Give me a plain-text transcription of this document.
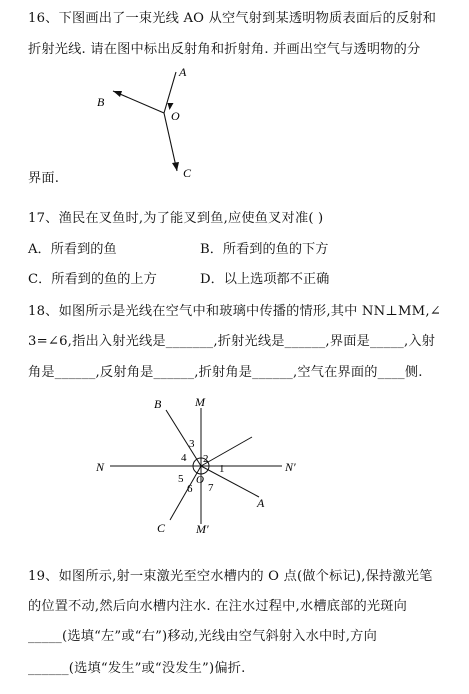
16、下图画出了一束光线 AO 从空气射到某透明物质表面后的反射和
折射光线. 请在图中标出反射角和折射角. 并画出空气与透明物的分
A
B
O
C
B	M
N	N′
A
C	M′
O
1
2
3
4
5
6 7
界面.
17、渔民在叉鱼时,为了能叉到鱼,应使鱼叉对准( )
A．所看到的鱼	B．所看到的鱼的下方
C．所看到的鱼的上方	D．以上选项都不正确
18、如图所示是光线在空气中和玻璃中传播的情形,其中 NN⊥MM,∠
3=∠6,指出入射光线是_______,折射光线是______,界面是_____,入射
角是______,反射角是______,折射角是______,空气在界面的____侧.
19、如图所示,射一束激光至空水槽内的 O 点(做个标记),保持激光笔
的位置不动,然后向水槽内注水. 在注水过程中,水槽底部的光斑向
_____(选填“左”或“右”)移动,光线由空气斜射入水中时,方向
______(选填“发生”或“没发生”)偏折.
